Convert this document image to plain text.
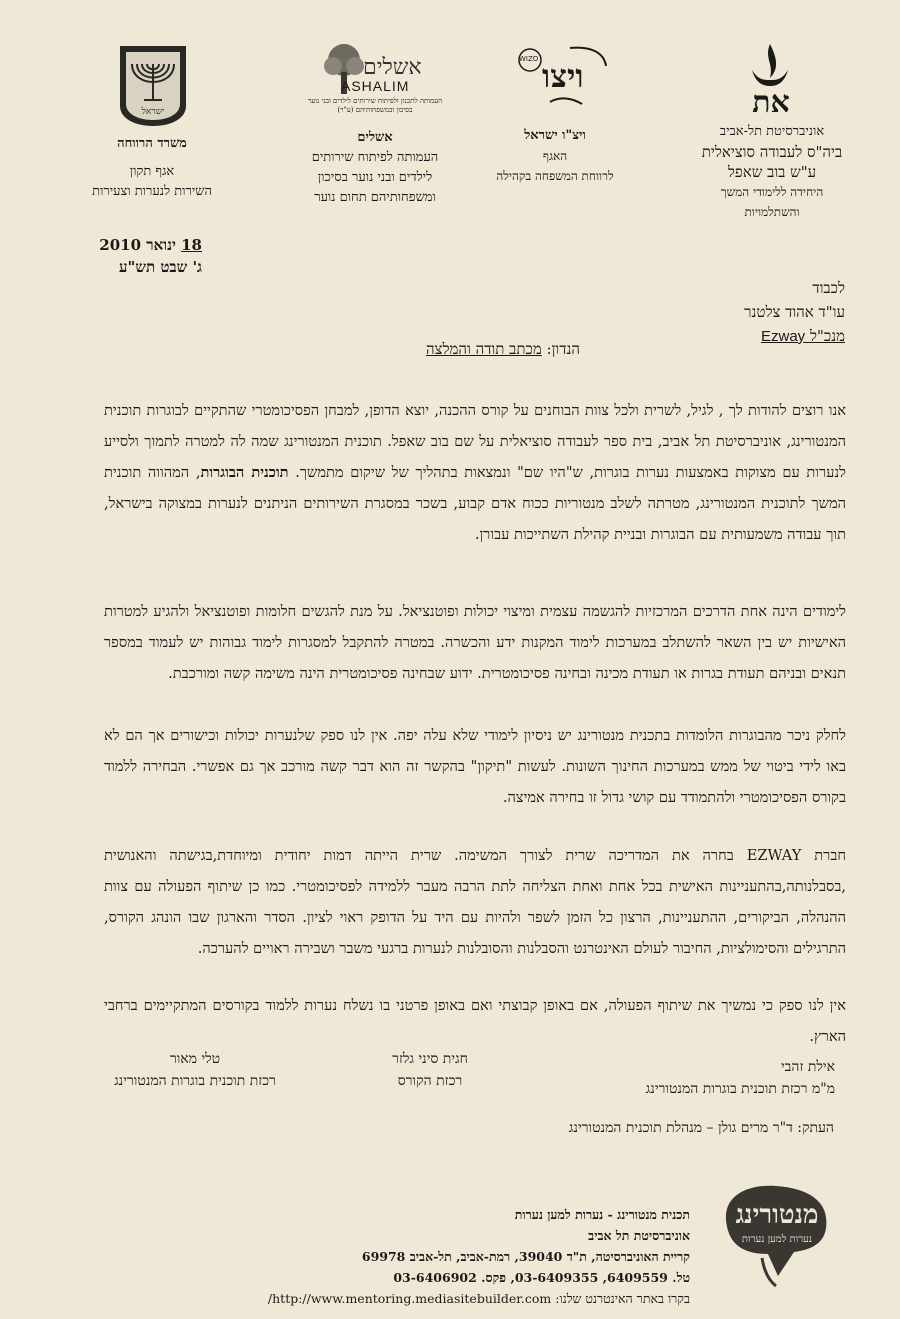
את
אוניברסיטת תל-אביב
ביה"ס לעבודה סוציאלית
ע"ש בוב שאפל
היחידה ללימודי המשך
והשתלמויות
WIZO ויצו
ויצ"ו ישראל
האגף
לרווחת המשפחה בקהילה
אשלים
ASHALIM
העמותה לתכנון ולפיתוח שירותים לילדים ובני נוער בסיכון ובמשפחותיהם (ע"ר)
אשלים
העמותה לפיתוח שירותים
לילדים ובני נוער בסיכון
ומשפחותיהם תחום נוער
ישראל
משרד הרווחה
אגף תקון
השירות לנערות וצעירות
18 ינואר 2010
ג' שבט תש"ע
לכבוד
עו"ד אהוד צלטנר
מנכ"ל Ezway
הנדון: מכתב תודה והמלצה
אנו רוצים להודות לך , לגיל, לשרית ולכל צוות הבוחנים על קורס ההכנה, יוצא הדופן, למבחן הפסיכומטרי שהתקיים לבוגרות תוכנית המנטורינג, אוניברסיטת תל אביב, בית ספר לעבודה סוציאלית על שם בוב שאפל. תוכנית המנטורינג שמה לה למטרה לתמוך ולסייע לנערות עם מצוקות באמצעות נערות בוגרות, ש"היו שם" ונמצאות בתהליך של שיקום מתמשך. תוכנית הבוגרות, המהווה תוכנית המשך לתוכנית המנטורינג, מטרתה לשלב מנטוריות ככוח אדם קבוע, בשכר במסגרת השירותים הניתנים לנערות במצוקה בישראל, תוך עבודה משמעותית עם הבוגרות ובניית קהילת השתייכות עבורן.
לימודים הינה אחת הדרכים המרכזיות להגשמה עצמית ומיצוי יכולות ופוטנציאל. על מנת להגשים חלומות ופוטנציאל ולהגיע למטרות האישיות יש בין השאר להשתלב במערכות לימוד המקנות ידע והכשרה. במטרה להתקבל למסגרות לימוד גבוהות יש לעמוד במספר תנאים ובניהם תעודת בגרות או תעודת מכינה ובחינה פסיכומטרית. ידוע שבחינה פסיכומטרית הינה משימה קשה ומורכבת.
לחלק ניכר מהבוגרות הלומדות בתכנית מנטורינג יש ניסיון לימודי שלא עלה יפה. אין לנו ספק שלנערות יכולות וכישורים אך הם לא באו לידי ביטוי של ממש במערכות החינוך השונות. לעשות "תיקון" בהקשר זה הוא דבר קשה מורכב אך גם אפשרי. הבחירה ללמוד בקורס הפסיכומטרי ולהתמודד עם קושי גדול זו בחירה אמיצה.
חברת EZWAY בחרה את המדריכה שרית לצורך המשימה. שרית הייתה דמות יחודית ומיוחדת,בגישתה והאנושית ,בסבלנותה,בהתעניינות האישית בכל אחת ואחת הצליחה לתת הרבה מעבר ללמידה לפסיכומטרי. כמו כן שיתוף הפעולה עם צוות ההנהלה, הביקורים, ההתעניינות, הרצון כל הזמן לשפר ולהיות עם היד על הדופק ראוי לציון. הסדר והארגון שבו הונהג הקורס, התרגילים והסימולציות, החיבור לעולם האינטרנט והסבלנות והסובלנות לנערות ברגעי משבר ושבירה ראויים להערכה.
אין לנו ספק כי נמשיך את שיתוף הפעולה, אם באופן קבוצתי ואם באופן פרטני בו נשלח נערות ללמוד בקורסים המתקיימים ברחבי הארץ.
אילת זהבי
מ"מ רכזת תוכנית בוגרות המנטורינג
חגית סיני גלזר
רכזת הקורס
טלי מאור
רכזת תוכנית בוגרות המנטורינג
העתק: ד"ר מרים גולן – מנהלת תוכנית המנטורינג
מנטורינג
נערות למען נערות
תכנית מנטורינג - נערות למען נערות
אוניברסיטת תל אביב
קריית האוניברסיטה, ת"ד 39040, רמת-אביב, תל-אביב 69978
טל. 6409559, 03-6409355, פקס. 03-6406902
בקרו באתר האינטרנט שלנו: http://www.mentoring.mediasitebuilder.com/
